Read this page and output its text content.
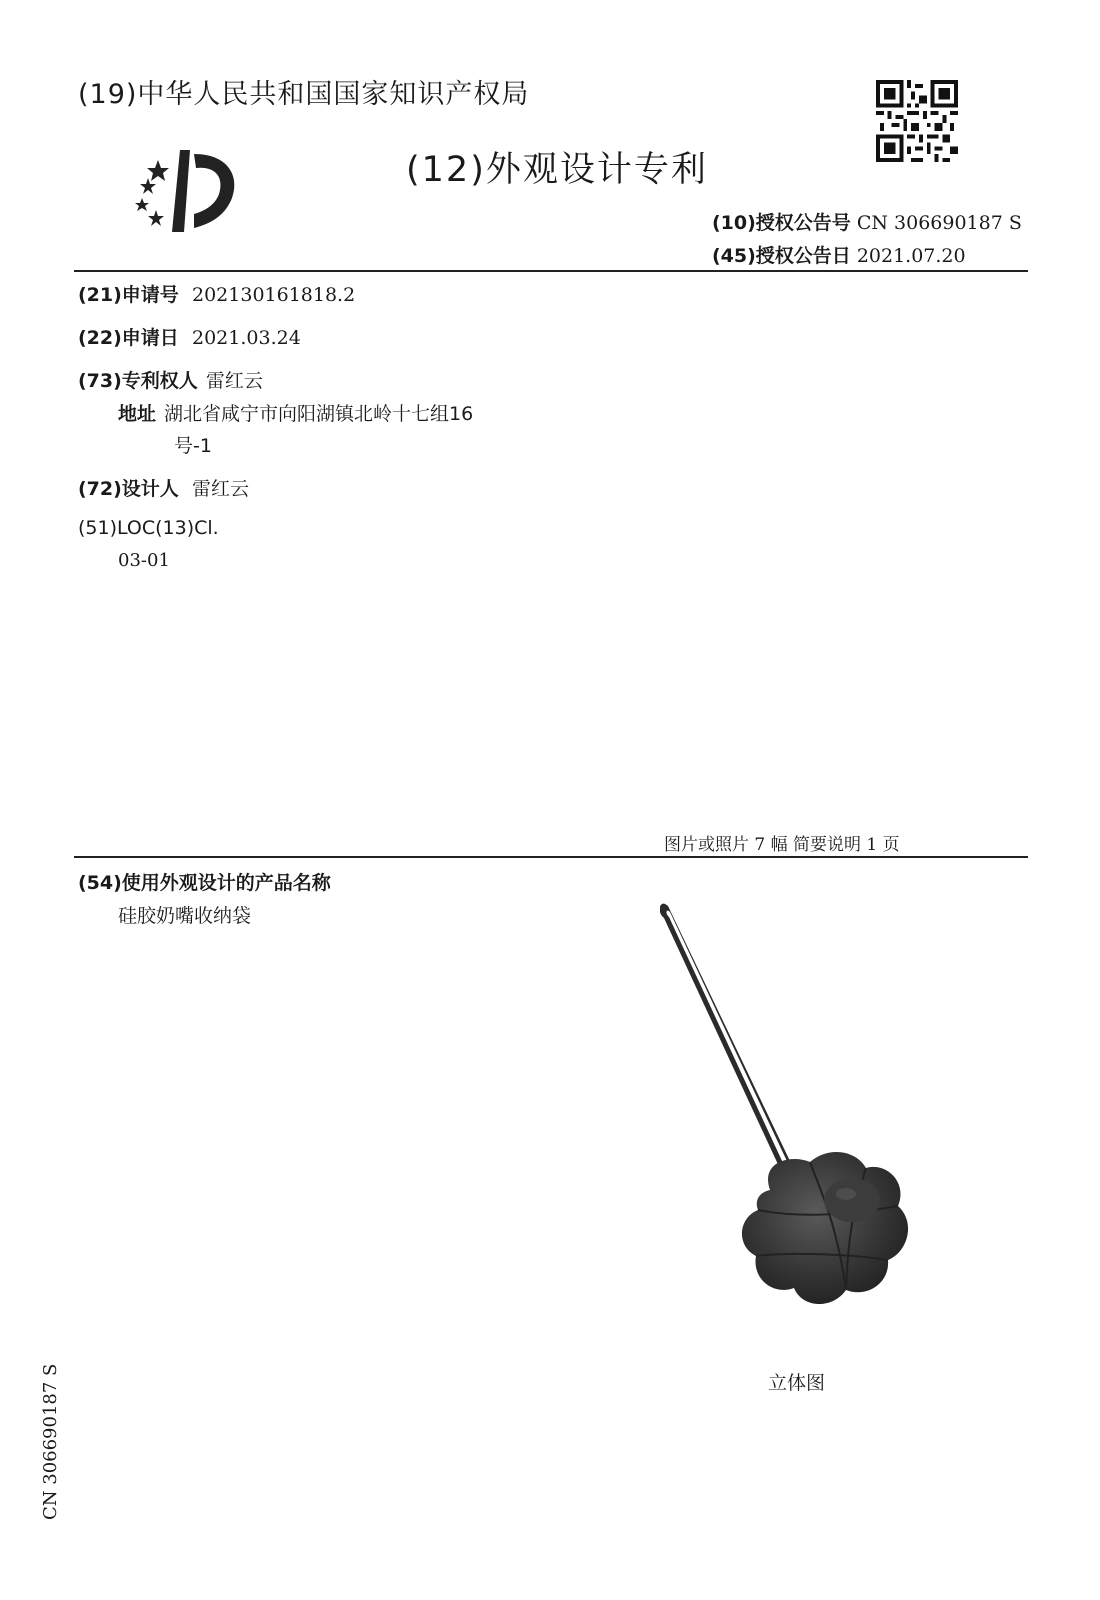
(19)中华人民共和国国家知识产权局
(12)外观设计专利
(10)授权公告号 CN 306690187 S
(45)授权公告日 2021.07.20
(21)申请号 202130161818.2
(22)申请日 2021.03.24
(73)专利权人 雷红云
地址 湖北省咸宁市向阳湖镇北岭十七组16
号-1
(72)设计人 雷红云
(51)LOC(13)Cl.
03-01
图片或照片 7 幅 简要说明 1 页
(54)使用外观设计的产品名称
硅胶奶嘴收纳袋
立体图
CN 306690187 S
